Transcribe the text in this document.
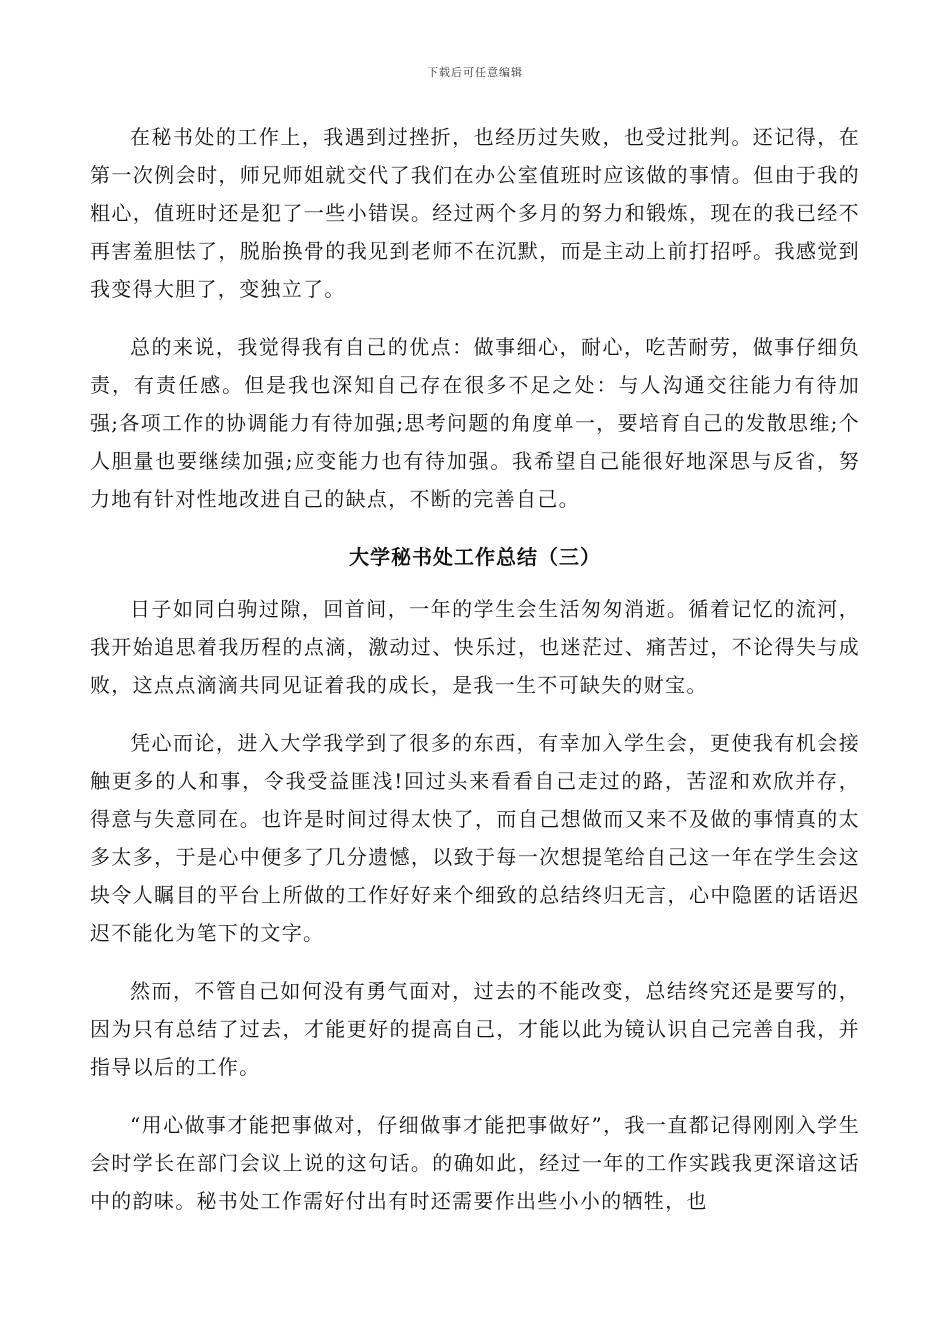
下载后可任意编辑

在秘书处的工作上，我遇到过挫折，也经历过失败，也受过批判。还记得，在第一次例会时，师兄师姐就交代了我们在办公室值班时应该做的事情。但由于我的粗心，值班时还是犯了一些小错误。经过两个多月的努力和锻炼，现在的我已经不再害羞胆怯了，脱胎换骨的我见到老师不在沉默，而是主动上前打招呼。我感觉到我变得大胆了，变独立了。

总的来说，我觉得我有自己的优点：做事细心，耐心，吃苦耐劳，做事仔细负责，有责任感。但是我也深知自己存在很多不足之处：与人沟通交往能力有待加强;各项工作的协调能力有待加强;思考问题的角度单一，要培育自己的发散思维;个人胆量也要继续加强;应变能力也有待加强。我希望自己能很好地深思与反省，努力地有针对性地改进自己的缺点，不断的完善自己。

大学秘书处工作总结（三）

日子如同白驹过隙，回首间，一年的学生会生活匆匆消逝。循着记忆的流河，我开始追思着我历程的点滴，激动过、快乐过，也迷茫过、痛苦过，不论得失与成败，这点点滴滴共同见证着我的成长，是我一生不可缺失的财宝。

凭心而论，进入大学我学到了很多的东西，有幸加入学生会，更使我有机会接触更多的人和事，令我受益匪浅!回过头来看看自己走过的路，苦涩和欢欣并存，得意与失意同在。也许是时间过得太快了，而自己想做而又来不及做的事情真的太多太多，于是心中便多了几分遗憾，以致于每一次想提笔给自己这一年在学生会这块令人瞩目的平台上所做的工作好好来个细致的总结终归无言，心中隐匿的话语迟迟不能化为笔下的文字。

然而，不管自己如何没有勇气面对，过去的不能改变，总结终究还是要写的，因为只有总结了过去，才能更好的提高自己，才能以此为镜认识自己完善自我，并指导以后的工作。

“用心做事才能把事做对，仔细做事才能把事做好”，我一直都记得刚刚入学生会时学长在部门会议上说的这句话。的确如此，经过一年的工作实践我更深谙这话中的韵味。秘书处工作需好付出有时还需要作出些小小的牺牲，也
